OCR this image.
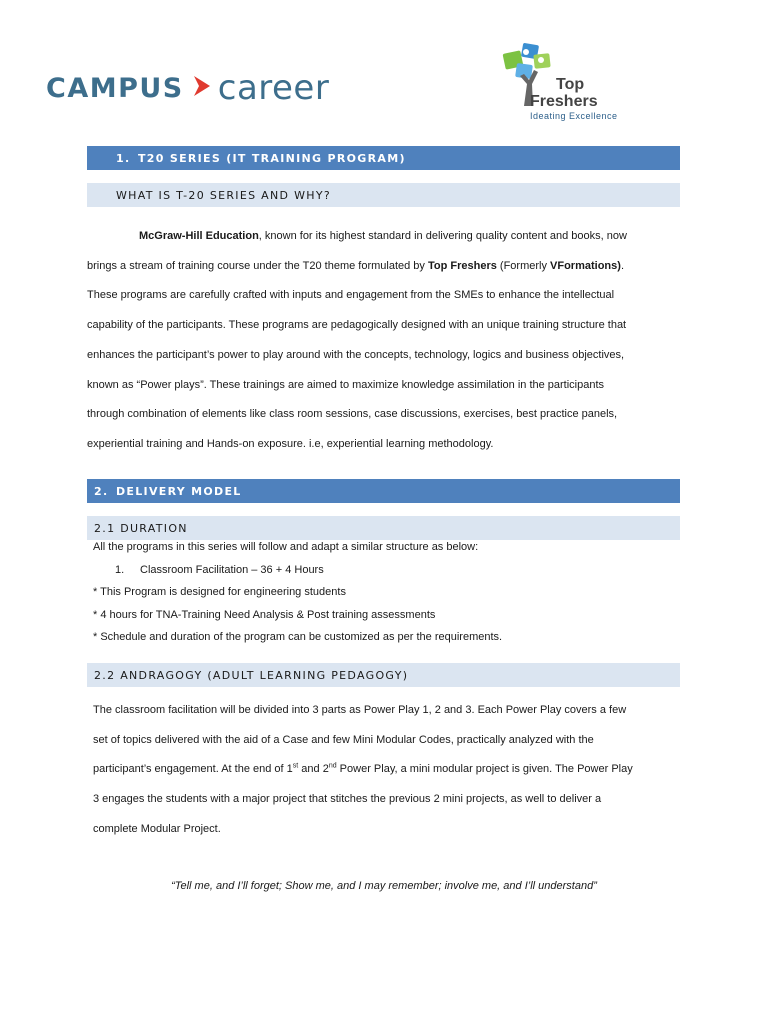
CAMPUS career	Top
Freshers
Ideating Excellence
1. T20 SERIES (IT TRAINING PROGRAM)
WHAT IS T-20 SERIES AND WHY?
McGraw-Hill Education, known for its highest standard in delivering quality content and books, now
brings a stream of training course under the T20 theme formulated by Top Freshers (Formerly VFormations).
These programs are carefully crafted with inputs and engagement from the SMEs to enhance the intellectual
capability of the participants. These programs are pedagogically designed with an unique training structure that
enhances the participant’s power to play around with the concepts, technology, logics and business objectives,
known as “Power plays”. These trainings are aimed to maximize knowledge assimilation in the participants
through combination of elements like class room sessions, case discussions, exercises, best practice panels,
experiential training and Hands-on exposure. i.e, experiential learning methodology.
2. DELIVERY MODEL
2.1 DURATION
All the programs in this series will follow and adapt a similar structure as below:
1. Classroom Facilitation – 36 + 4 Hours
* This Program is designed for engineering students
* 4 hours for TNA-Training Need Analysis & Post training assessments
* Schedule and duration of the program can be customized as per the requirements.
2.2 ANDRAGOGY (ADULT LEARNING PEDAGOGY)
The classroom facilitation will be divided into 3 parts as Power Play 1, 2 and 3. Each Power Play covers a few
set of topics delivered with the aid of a Case and few Mini Modular Codes, practically analyzed with the
participant’s engagement. At the end of 1st and 2nd Power Play, a mini modular project is given. The Power Play
3 engages the students with a major project that stitches the previous 2 mini projects, as well to deliver a
complete Modular Project.
“Tell me, and I’ll forget; Show me, and I may remember; involve me, and I’ll understand”
